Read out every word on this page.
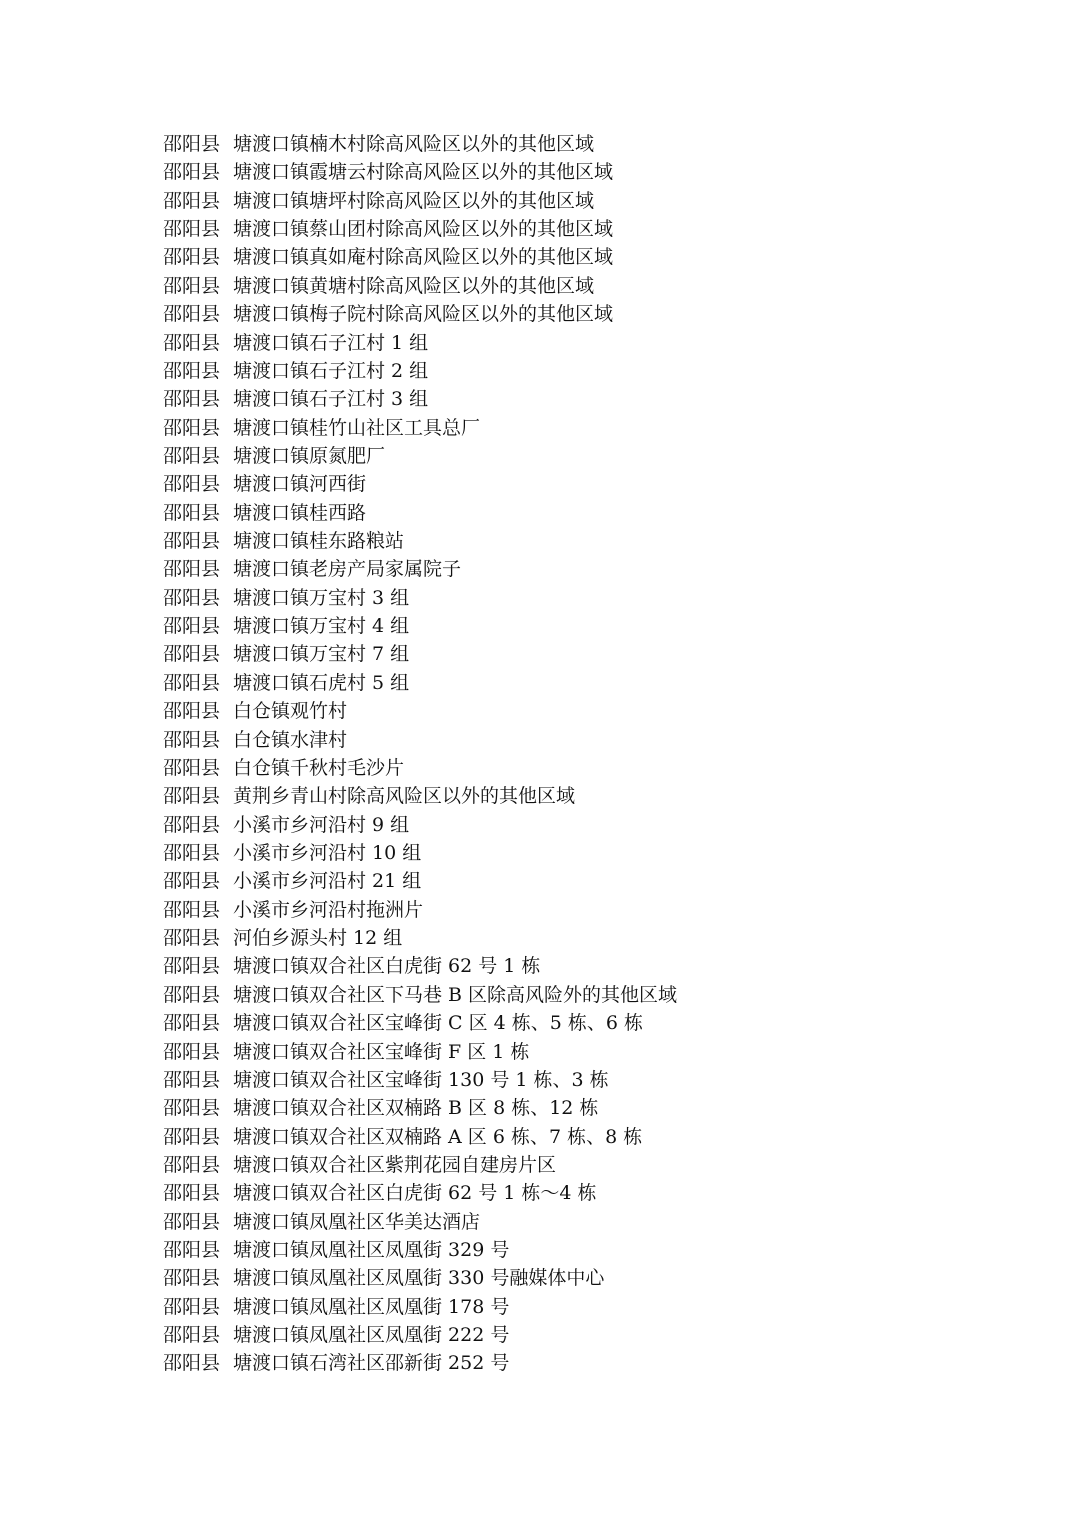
邵阳县 塘渡口镇楠木村除高风险区以外的其他区域
邵阳县 塘渡口镇霞塘云村除高风险区以外的其他区域
邵阳县 塘渡口镇塘坪村除高风险区以外的其他区域
邵阳县 塘渡口镇蔡山团村除高风险区以外的其他区域
邵阳县 塘渡口镇真如庵村除高风险区以外的其他区域
邵阳县 塘渡口镇黄塘村除高风险区以外的其他区域
邵阳县 塘渡口镇梅子院村除高风险区以外的其他区域
邵阳县 塘渡口镇石子江村 1 组
邵阳县 塘渡口镇石子江村 2 组
邵阳县 塘渡口镇石子江村 3 组
邵阳县 塘渡口镇桂竹山社区工具总厂
邵阳县 塘渡口镇原氮肥厂
邵阳县 塘渡口镇河西街
邵阳县 塘渡口镇桂西路
邵阳县 塘渡口镇桂东路粮站
邵阳县 塘渡口镇老房产局家属院子
邵阳县 塘渡口镇万宝村 3 组
邵阳县 塘渡口镇万宝村 4 组
邵阳县 塘渡口镇万宝村 7 组
邵阳县 塘渡口镇石虎村 5 组
邵阳县 白仓镇观竹村
邵阳县 白仓镇水津村
邵阳县 白仓镇千秋村毛沙片
邵阳县 黄荆乡青山村除高风险区以外的其他区域
邵阳县 小溪市乡河沿村 9 组
邵阳县 小溪市乡河沿村 10 组
邵阳县 小溪市乡河沿村 21 组
邵阳县 小溪市乡河沿村拖洲片
邵阳县 河伯乡源头村 12 组
邵阳县 塘渡口镇双合社区白虎街 62 号 1 栋
邵阳县 塘渡口镇双合社区下马巷 B 区除高风险外的其他区域
邵阳县 塘渡口镇双合社区宝峰街 C 区 4 栋、5 栋、6 栋
邵阳县 塘渡口镇双合社区宝峰街 F 区 1 栋
邵阳县 塘渡口镇双合社区宝峰街 130 号 1 栋、3 栋
邵阳县 塘渡口镇双合社区双楠路 B 区 8 栋、12 栋
邵阳县 塘渡口镇双合社区双楠路 A 区 6 栋、7 栋、8 栋
邵阳县 塘渡口镇双合社区紫荆花园自建房片区
邵阳县 塘渡口镇双合社区白虎街 62 号 1 栋～4 栋
邵阳县 塘渡口镇凤凰社区华美达酒店
邵阳县 塘渡口镇凤凰社区凤凰街 329 号
邵阳县 塘渡口镇凤凰社区凤凰街 330 号融媒体中心
邵阳县 塘渡口镇凤凰社区凤凰街 178 号
邵阳县 塘渡口镇凤凰社区凤凰街 222 号
邵阳县 塘渡口镇石湾社区邵新街 252 号
